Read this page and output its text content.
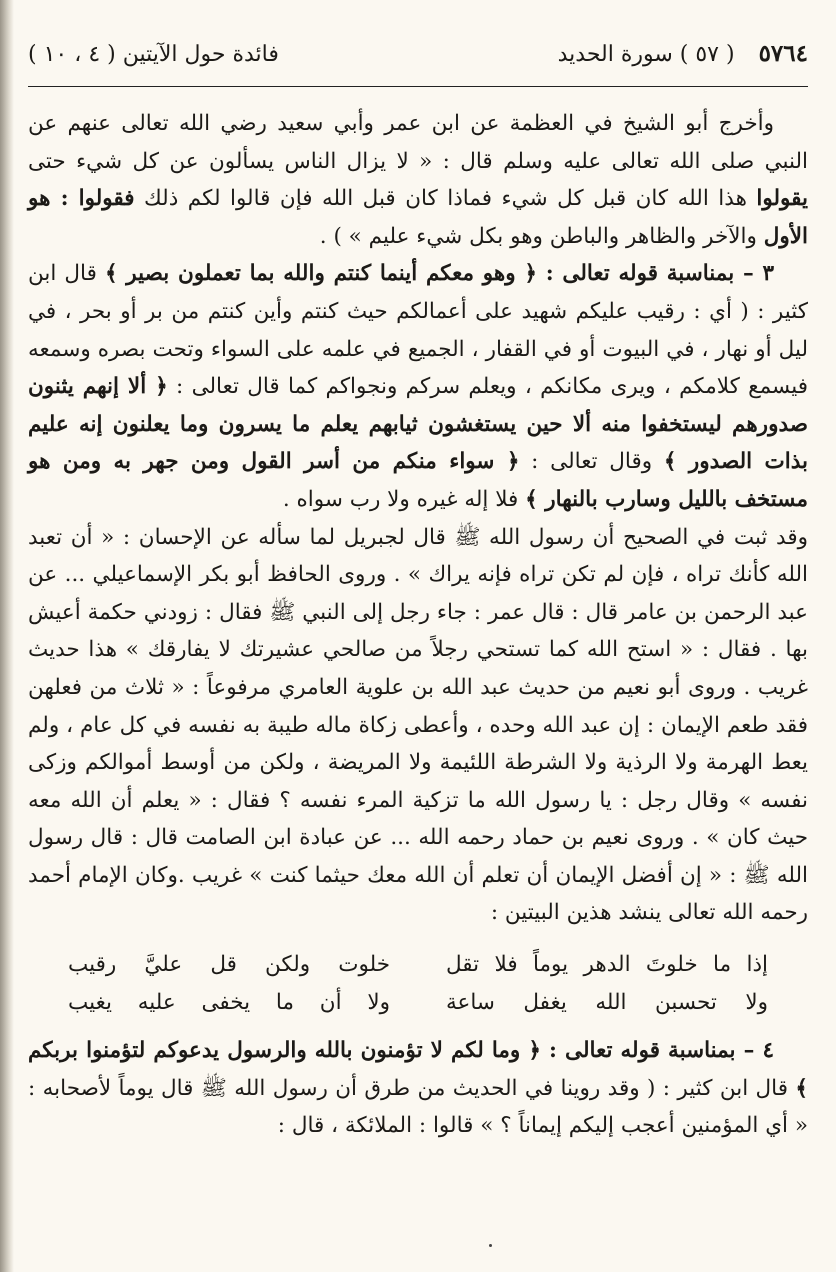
٥٧٦٤
( ٥٧ ) سورة الحديد
فائدة حول الآيتين ( ٤ ، ١٠ )

وأخرج أبو الشيخ في العظمة عن ابن عمر وأبي سعيد رضي الله تعالى عنهم عن النبي صلى الله تعالى عليه وسلم قال : « لا يزال الناس يسألون عن كل شيء حتى يقولوا هذا الله كان قبل كل شيء فماذا كان قبل الله فإن قالوا لكم ذلك فقولوا : هو الأول والآخر والظاهر والباطن وهو بكل شيء عليم » ) .

٣ – بمناسبة قوله تعالى : ﴿ وهو معكم أينما كنتم والله بما تعملون بصير ﴾ قال ابن كثير : ( أي : رقيب عليكم شهيد على أعمالكم حيث كنتم وأين كنتم من بر أو بحر ، في ليل أو نهار ، في البيوت أو في القفار ، الجميع في علمه على السواء وتحت بصره وسمعه فيسمع كلامكم ، ويرى مكانكم ، ويعلم سركم ونجواكم كما قال تعالى : ﴿ ألا إنهم يثنون صدورهم ليستخفوا منه ألا حين يستغشون ثيابهم يعلم ما يسرون وما يعلنون إنه عليم بذات الصدور ﴾ وقال تعالى : ﴿ سواء منكم من أسر القول ومن جهر به ومن هو مستخف بالليل وسارب بالنهار ﴾ فلا إله غيره ولا رب سواه .

وقد ثبت في الصحيح أن رسول الله ﷺ قال لجبريل لما سأله عن الإحسان : « أن تعبد الله كأنك تراه ، فإن لم تكن تراه فإنه يراك » . وروى الحافظ أبو بكر الإسماعيلي ... عن عبد الرحمن بن عامر قال : قال عمر : جاء رجل إلى النبي ﷺ فقال : زودني حكمة أعيش بها . فقال : « استح الله كما تستحي رجلاً من صالحي عشيرتك لا يفارقك » هذا حديث غريب . وروى أبو نعيم من حديث عبد الله بن علوية العامري مرفوعاً : « ثلاث من فعلهن فقد طعم الإيمان : إن عبد الله وحده ، وأعطى زكاة ماله طيبة به نفسه في كل عام ، ولم يعط الهرمة ولا الرذية ولا الشرطة اللئيمة ولا المريضة ، ولكن من أوسط أموالكم وزكى نفسه » وقال رجل : يا رسول الله ما تزكية المرء نفسه ؟ فقال : « يعلم أن الله معه حيث كان » . وروى نعيم بن حماد رحمه الله ... عن عبادة ابن الصامت قال : قال رسول الله ﷺ : « إن أفضل الإيمان أن تعلم أن الله معك حيثما كنت » غريب .وكان الإمام أحمد رحمه الله تعالى ينشد هذين البيتين :

إذا ما خلوتَ الدهر يوماً فلا تقل
خلوت ولكن قل عليَّ رقيب
ولا تحسبن الله يغفل ساعة
ولا أن ما يخفى عليه يغيب

٤ – بمناسبة قوله تعالى : ﴿ وما لكم لا تؤمنون بالله والرسول يدعوكم لتؤمنوا بربكم ﴾ قال ابن كثير : ( وقد روينا في الحديث من طرق أن رسول الله ﷺ قال يوماً لأصحابه : « أي المؤمنين أعجب إليكم إيماناً ؟ » قالوا : الملائكة ، قال :
